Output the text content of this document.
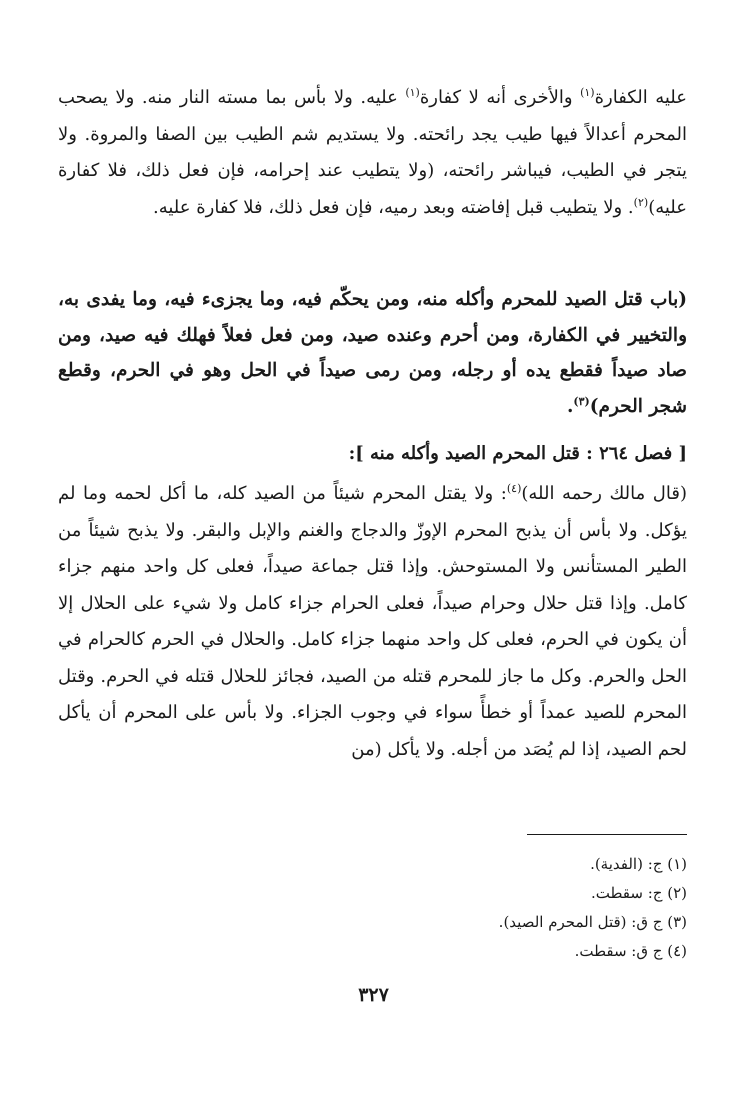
عليه الكفارة$^{(١)}$ والأخرى أنه لا كفارة$^{(١)}$ عليه. ولا بأس بما مسته النار منه. ولا يصحب المحرم أعدالاً فيها طيب يجد رائحته. ولا يستديم شم الطيب بين الصفا والمروة. ولا يتجر في الطيب، فيباشر رائحته، (ولا يتطيب عند إحرامه، فإن فعل ذلك، فلا كفارة عليه)$^{(٢)}$. ولا يتطيب قبل إفاضته وبعد رميه، فإن فعل ذلك، فلا كفارة عليه.

(باب قتل الصيد للمحرم وأكله منه، ومن يحكّم فيه، وما يجزىء فيه، وما يفدى به، والتخيير في الكفارة، ومن أحرم وعنده صيد، ومن فعل فعلاً فهلك فيه صيد، ومن صاد صيداً فقطع يده أو رجله، ومن رمى صيداً في الحل وهو في الحرم، وقطع شجر الحرم)$^{(٣)}$.

[ فصل ٢٦٤ : قتل المحرم الصيد وأكله منه ]:

(قال مالك رحمه الله)$^{(٤)}$: ولا يقتل المحرم شيئاً من الصيد كله، ما أكل لحمه وما لم يؤكل. ولا بأس أن يذبح المحرم الإوزّ والدجاج والغنم والإبل والبقر. ولا يذبح شيئاً من الطير المستأنس ولا المستوحش. وإذا قتل جماعة صيداً، فعلى كل واحد منهم جزاء كامل. وإذا قتل حلال وحرام صيداً، فعلى الحرام جزاء كامل ولا شيء على الحلال إلا أن يكون في الحرم، فعلى كل واحد منهما جزاء كامل. والحلال في الحرم كالحرام في الحل والحرم. وكل ما جاز للمحرم قتله من الصيد، فجائز للحلال قتله في الحرم. وقتل المحرم للصيد عمداً أو خطأً سواء في وجوب الجزاء. ولا بأس على المحرم أن يأكل لحم الصيد، إذا لم يُصَد من أجله. ولا يأكل (من

(١) ج: (الفدية).
(٢) ج: سقطت.
(٣) ج ق: (قتل المحرم الصيد).
(٤) ج ق: سقطت.
٣٢٧
